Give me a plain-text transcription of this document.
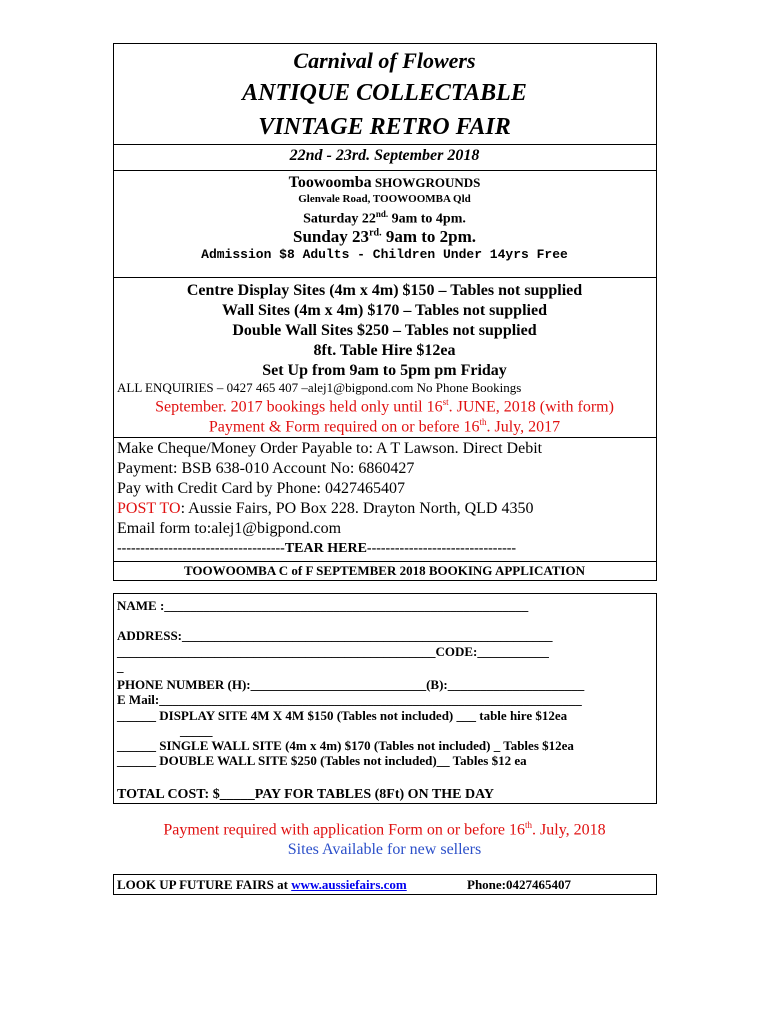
Carnival of Flowers
ANTIQUE COLLECTABLE
VINTAGE RETRO FAIR
22nd - 23rd. September 2018
Toowoomba SHOWGROUNDS
Glenvale Road, TOOWOOMBA Qld
Saturday $22^{nd.}$ 9am to 4pm.
Sunday $23^{rd.}$ 9am to 2pm.
Admission $8 Adults - Children Under 14yrs Free
Centre Display Sites (4m x 4m) $150 – Tables not supplied
Wall Sites (4m x 4m) $170 – Tables not supplied
Double Wall Sites $250 – Tables not supplied
8ft. Table Hire $12ea
Set Up from 9am to 5pm pm Friday
ALL ENQUIRIES – 0427 465 407 –alej1@bigpond.com No Phone Bookings
September. 2017 bookings held only until 16st. JUNE, 2018 (with form)
Payment & Form required on or before 16th. July, 2017
Make Cheque/Money Order Payable to: A T Lawson. Direct Debit
Payment: BSB 638-010 Account No: 6860427
Pay with Credit Card by Phone: 0427465407
POST TO: Aussie Fairs, PO Box 228. Drayton North, QLD 4350
Email form to:alej1@bigpond.com
------------------------------------TEAR HERE--------------------------------
TOOWOOMBA C of F SEPTEMBER 2018 BOOKING APPLICATION
NAME :________________________________________________________
ADDRESS:_________________________________________________________
_________________________________________________CODE:___________
_
PHONE NUMBER (H):___________________________(B):_____________________
E Mail:_________________________________________________________________
______ DISPLAY SITE 4M X 4M $150 (Tables not included) ___ table hire $12ea
_____
______ SINGLE WALL SITE (4m x 4m) $170 (Tables not included) _ Tables $12ea
______ DOUBLE WALL SITE $250 (Tables not included)__ Tables $12 ea
TOTAL COST: $_____PAY FOR TABLES (8Ft) ON THE DAY
Payment required with application Form on or before 16th. July, 2018
Sites Available for new sellers
LOOK UP FUTURE FAIRS at www.aussiefairs.com	Phone:0427465407
